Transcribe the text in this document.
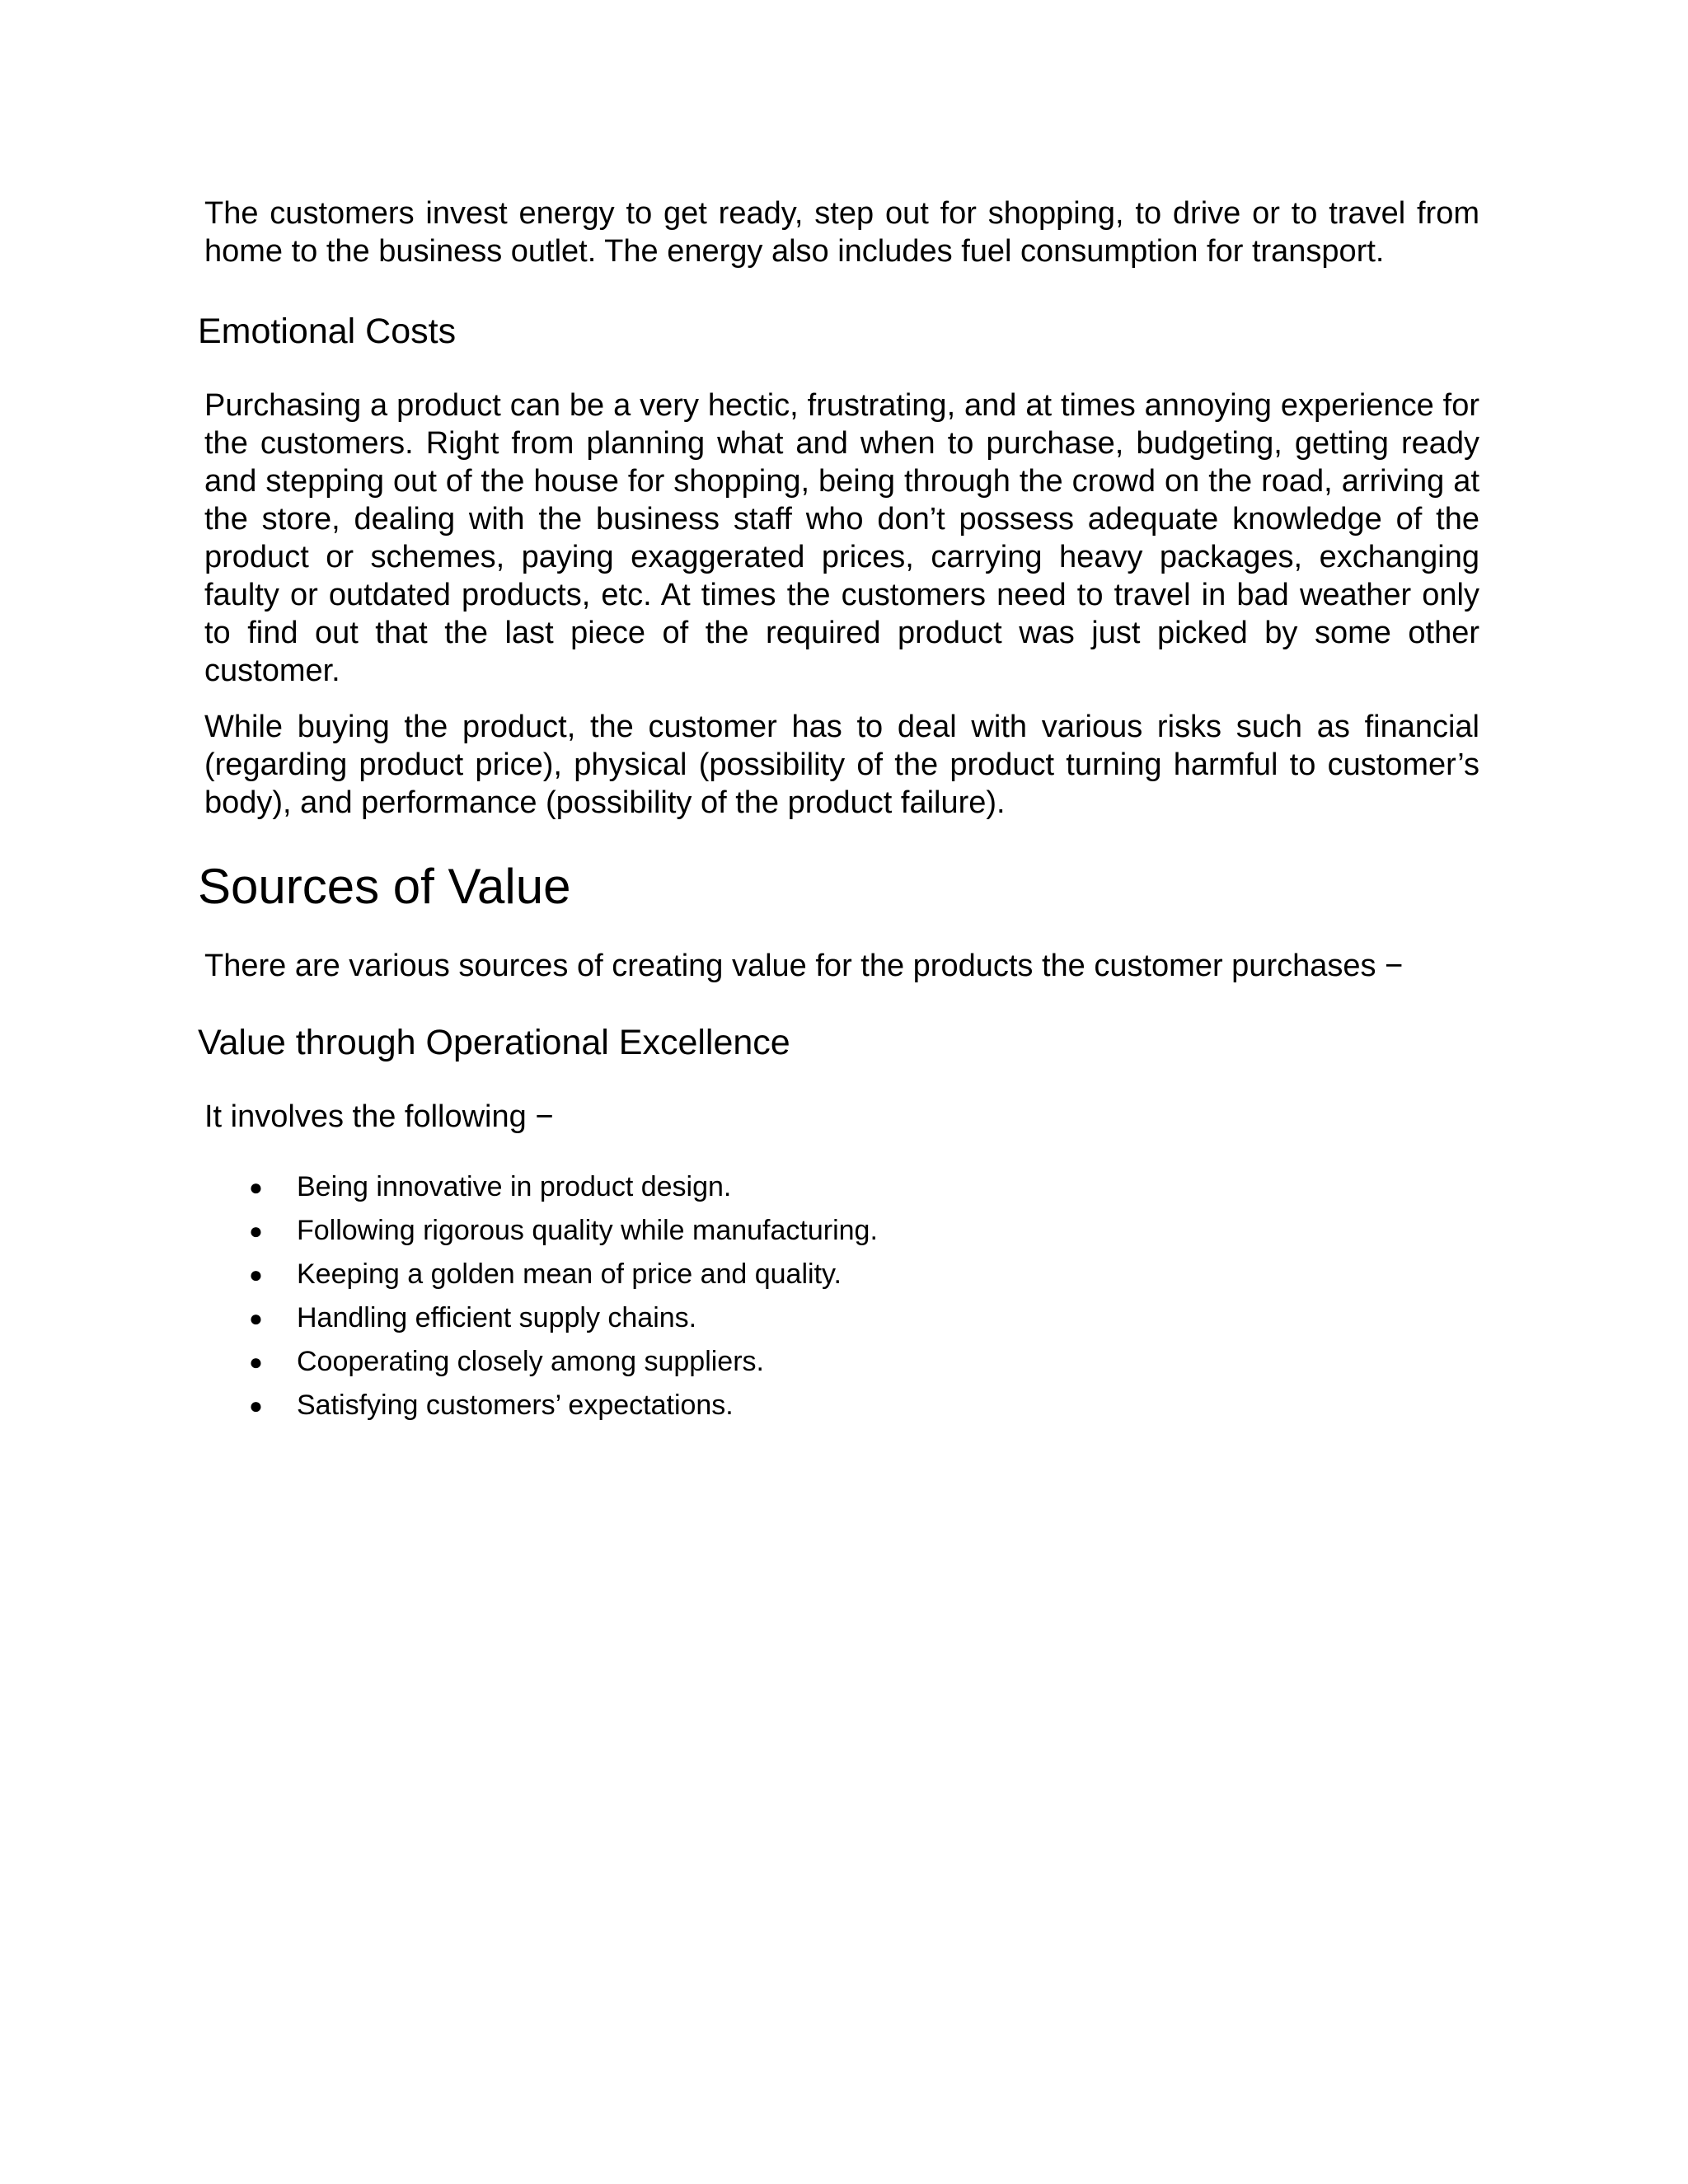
The customers invest energy to get ready, step out for shopping, to drive or to travel from home to the business outlet. The energy also includes fuel consumption for transport.

Emotional Costs

Purchasing a product can be a very hectic, frustrating, and at times annoying experience for the customers. Right from planning what and when to purchase, budgeting, getting ready and stepping out of the house for shopping, being through the crowd on the road, arriving at the store, dealing with the business staff who don’t possess adequate knowledge of the product or schemes, paying exaggerated prices, carrying heavy packages, exchanging faulty or outdated products, etc. At times the customers need to travel in bad weather only to find out that the last piece of the required product was just picked by some other customer.

While buying the product, the customer has to deal with various risks such as financial (regarding product price), physical (possibility of the product turning harmful to customer’s body), and performance (possibility of the product failure).

Sources of Value

There are various sources of creating value for the products the customer purchases −

Value through Operational Excellence

It involves the following −

● Being innovative in product design.
● Following rigorous quality while manufacturing.
● Keeping a golden mean of price and quality.
● Handling efficient supply chains.
● Cooperating closely among suppliers.
● Satisfying customers’ expectations.
